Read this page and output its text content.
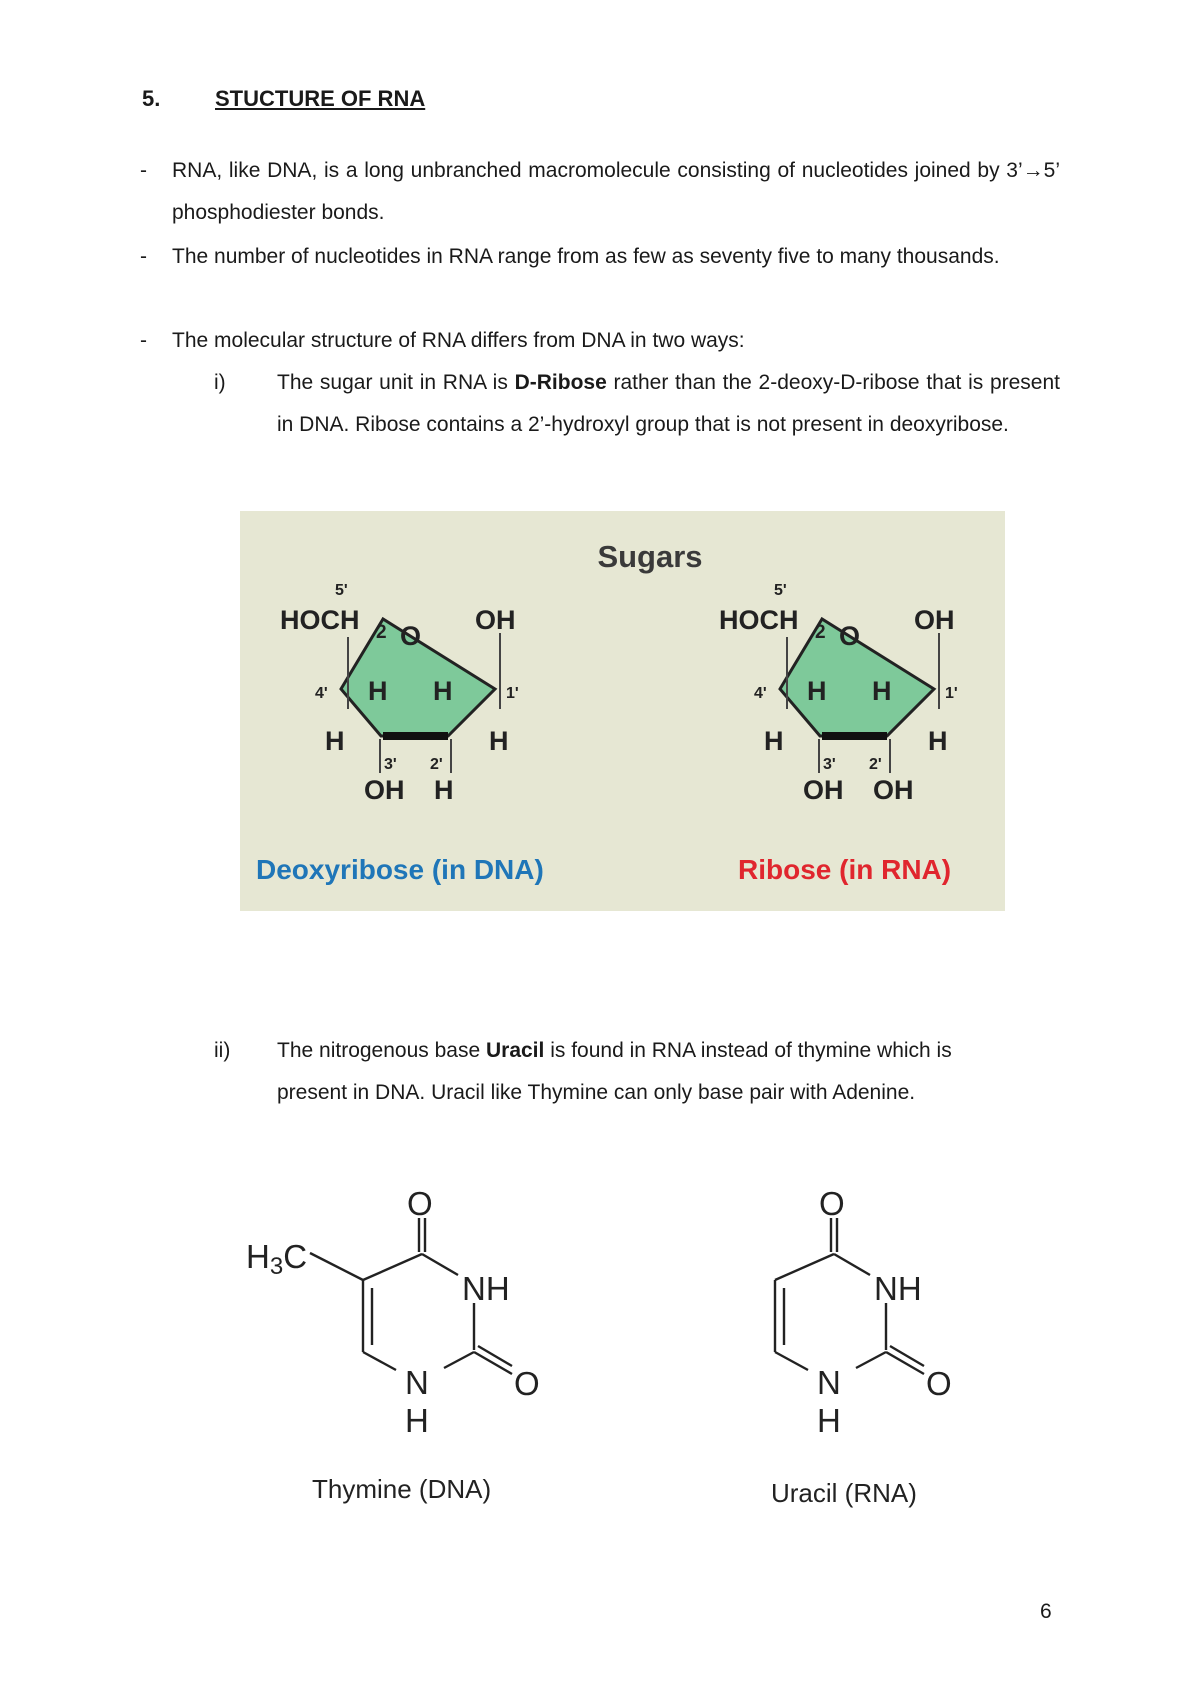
5. STUCTURE OF RNA
- RNA, like DNA, is a long unbranched macromolecule consisting of nucleotides joined by 3’→5’ phosphodiester bonds.
- The number of nucleotides in RNA range from as few as seventy five to many thousands.
- The molecular structure of RNA differs from DNA in two ways:
i) The sugar unit in RNA is D-Ribose rather than the 2-deoxy-D-ribose that is present in DNA. Ribose contains a 2’-hydroxyl group that is not present in deoxyribose.
Sugars
5'
HOCH 2 O
OH
4' H H	1'
H	H
3' 2'
OH H
Deoxyribose (in DNA)
5'
HOCH 2 O
OH
4' H H	1'
H	H
3' 2'
OH OH
Ribose (in RNA)
ii) The nitrogenous base Uracil is found in RNA instead of thymine which is
present in DNA. Uracil like Thymine can only base pair with Adenine.
O
H3C
NH
N
H
O
Thymine (DNA)
O
NH
N
H
O
Uracil (RNA)
6
